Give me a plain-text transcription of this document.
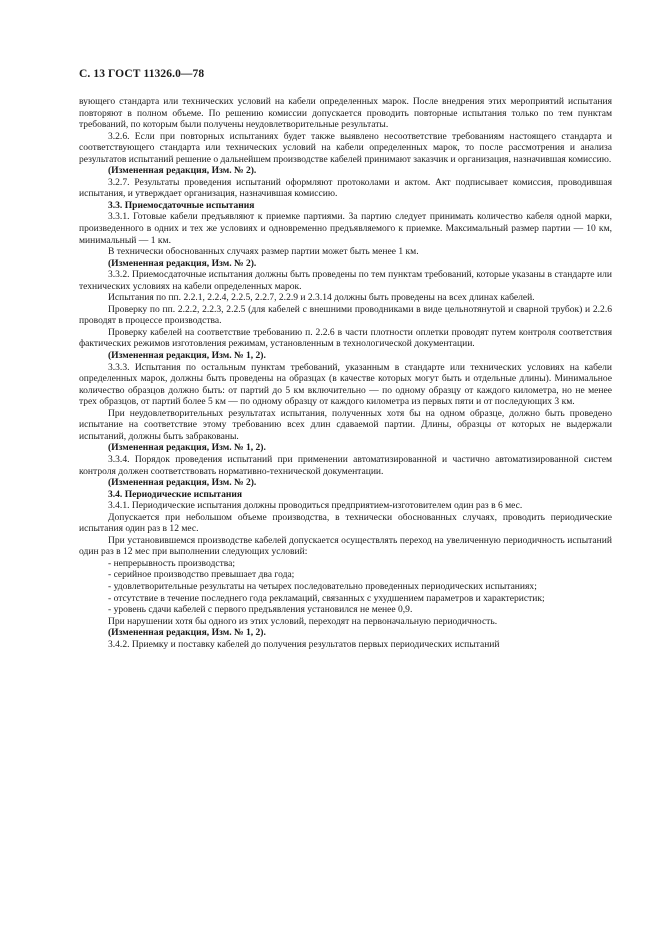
С. 13 ГОСТ 11326.0—78

вующего стандарта или технических условий на кабели определенных марок. После внедрения этих мероприятий испытания повторяют в полном объеме. По решению комиссии допускается проводить повторные испытания только по тем пунктам требований, по которым были получены неудовлетворительные результаты.

3.2.6. Если при повторных испытаниях будет также выявлено несоответствие требованиям настоящего стандарта и соответствующего стандарта или технических условий на кабели определенных марок, то после рассмотрения и анализа результатов испытаний решение о дальнейшем производстве кабелей принимают заказчик и организация, назначившая комиссию.

(Измененная редакция, Изм. № 2).

3.2.7. Результаты проведения испытаний оформляют протоколами и актом. Акт подписывает комиссия, проводившая испытания, и утверждает организация, назначившая комиссию.

3.3. Приемосдаточные испытания

3.3.1. Готовые кабели предъявляют к приемке партиями. За партию следует принимать количество кабеля одной марки, произведенного в одних и тех же условиях и одновременно предъявляемого к приемке. Максимальный размер партии — 10 км, минимальный — 1 км.

В технически обоснованных случаях размер партии может быть менее 1 км.

(Измененная редакция, Изм. № 2).

3.3.2. Приемосдаточные испытания должны быть проведены по тем пунктам требований, которые указаны в стандарте или технических условиях на кабели определенных марок.

Испытания по пп. 2.2.1, 2.2.4, 2.2.5, 2.2.7, 2.2.9 и 2.3.14 должны быть проведены на всех длинах кабелей.

Проверку по пп. 2.2.2, 2.2.3, 2.2.5 (для кабелей с внешними проводниками в виде цельнотянутой и сварной трубок) и 2.2.6 проводят в процессе производства.

Проверку кабелей на соответствие требованию п. 2.2.6 в части плотности оплетки проводят путем контроля соответствия фактических режимов изготовления режимам, установленным в технологической документации.

(Измененная редакция, Изм. № 1, 2).

3.3.3. Испытания по остальным пунктам требований, указанным в стандарте или технических условиях на кабели определенных марок, должны быть проведены на образцах (в качестве которых могут быть и отдельные длины). Минимальное количество образцов должно быть: от партий до 5 км включительно — по одному образцу от каждого километра, но не менее трех образцов, от партий более 5 км — по одному образцу от каждого километра из первых пяти и от последующих 3 км.

При неудовлетворительных результатах испытания, полученных хотя бы на одном образце, должно быть проведено испытание на соответствие этому требованию всех длин сдаваемой партии. Длины, образцы от которых не выдержали испытаний, должны быть забракованы.

(Измененная редакция, Изм. № 1, 2).

3.3.4. Порядок проведения испытаний при применении автоматизированной и частично автоматизированной систем контроля должен соответствовать нормативно-технической документации.

(Измененная редакция, Изм. № 2).

3.4. Периодические испытания

3.4.1. Периодические испытания должны проводиться предприятием-изготовителем один раз в 6 мес.

Допускается при небольшом объеме производства, в технически обоснованных случаях, проводить периодические испытания один раз в 12 мес.

При установившемся производстве кабелей допускается осуществлять переход на увеличенную периодичность испытаний один раз в 12 мес при выполнении следующих условий:

- непрерывность производства;

- серийное производство превышает два года;

- удовлетворительные результаты на четырех последовательно проведенных периодических испытаниях;

- отсутствие в течение последнего года рекламаций, связанных с ухудшением параметров и характеристик;

- уровень сдачи кабелей с первого предъявления установился не менее 0,9.

При нарушении хотя бы одного из этих условий, переходят на первоначальную периодичность.

(Измененная редакция, Изм. № 1, 2).

3.4.2. Приемку и поставку кабелей до получения результатов первых периодических испытаний
